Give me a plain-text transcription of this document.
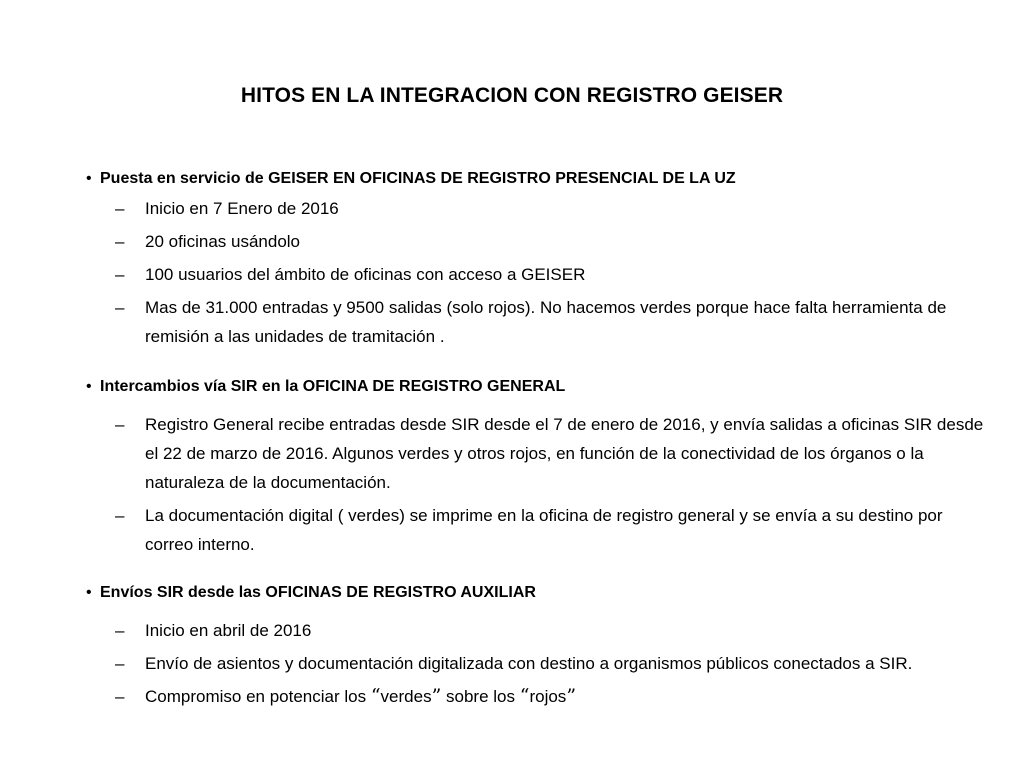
HITOS EN LA INTEGRACION CON REGISTRO GEISER
• Puesta en servicio de GEISER EN OFICINAS DE REGISTRO PRESENCIAL DE LA UZ
– Inicio en 7 Enero de 2016
– 20 oficinas usándolo
– 100 usuarios del ámbito de oficinas con acceso a GEISER
– Mas de 31.000 entradas y 9500 salidas (solo rojos). No hacemos verdes porque hace falta herramienta de remisión a las unidades de tramitación .
• Intercambios vía SIR en la OFICINA DE REGISTRO GENERAL
– Registro General recibe entradas desde SIR desde el 7 de enero de 2016, y envía salidas a oficinas SIR desde el 22 de marzo de 2016. Algunos verdes y otros rojos, en función de la conectividad de los órganos o la naturaleza de la documentación.
– La documentación digital ( verdes) se imprime en la oficina de registro general y se envía a su destino por correo interno.
• Envíos SIR desde las OFICINAS DE REGISTRO AUXILIAR
– Inicio en abril de 2016
– Envío de asientos y documentación digitalizada con destino a organismos públicos conectados a SIR.
– Compromiso en potenciar los “verdes” sobre los “rojos”
